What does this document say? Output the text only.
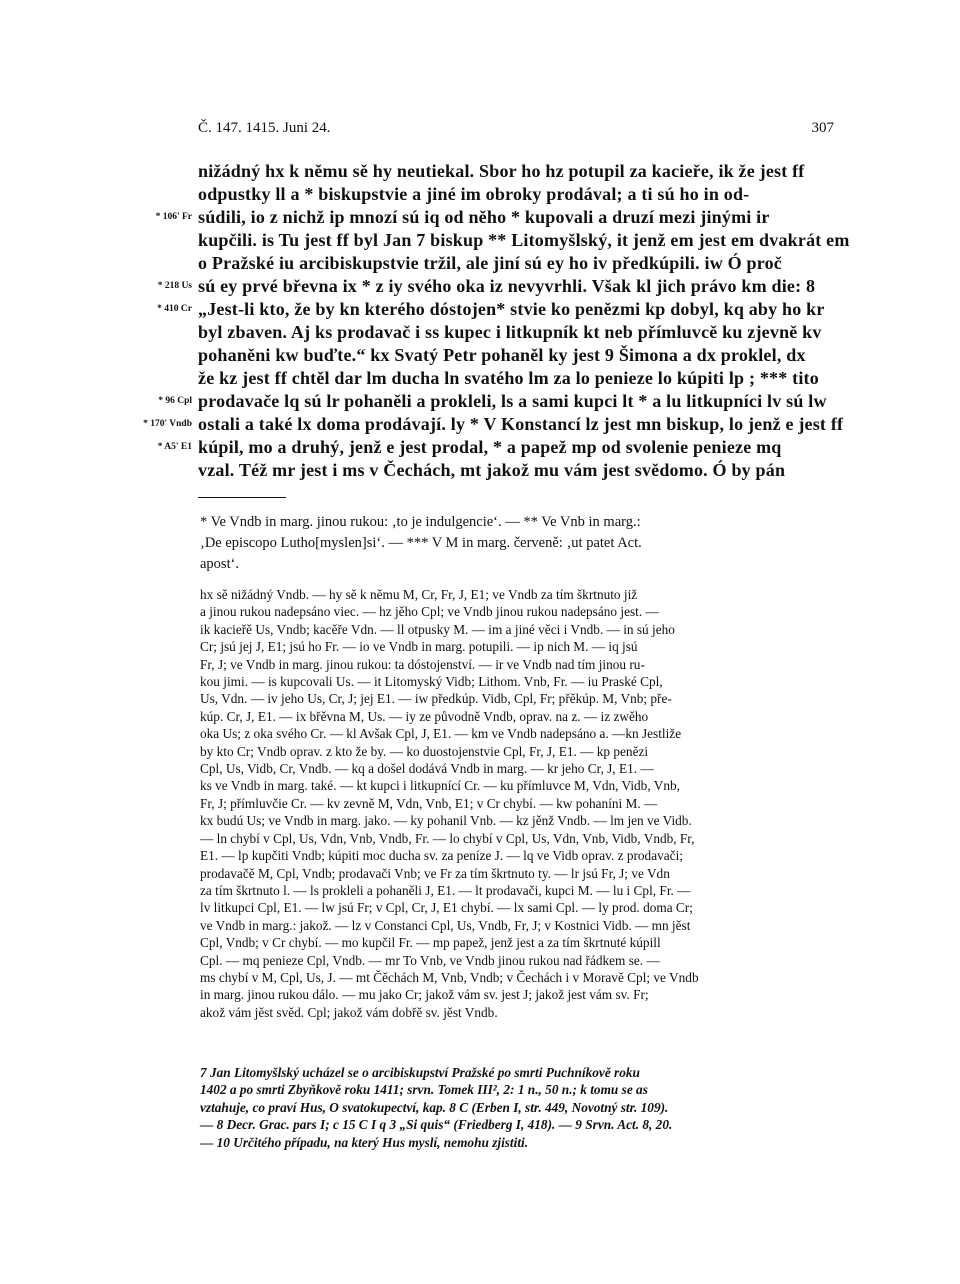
Č. 147. 1415. Juni 24.	307
* 106' Fr
* 218 Us
* 410 Cr
* 96 Cpl
* 170' Vndb
* A5' E1
nižádný hx k němu sě hy neutiekal. Sbor ho hz potupil za kacieře, ik že jest ff
odpustky ll a * biskupstvie a jiné im obroky prodával; a ti sú ho in od-
súdili, io z nichž ip mnozí sú iq od něho * kupovali a druzí mezi jinými ir
kupčili. is Tu jest ff byl Jan 7 biskup ** Litomyšlský, it jenž em jest em dvakrát em
o Pražské iu arcibiskupstvie tržil, ale jiní sú ey ho iv předkúpili. iw Ó proč
sú ey prvé břevna ix * z iy svého oka iz nevyvrhli. Však kl jich právo km die: 8
„Jest-li kto, že by kn kterého dóstojen* stvie ko penězmi kp dobyl, kq aby ho kr
byl zbaven. Aj ks prodavač i ss kupec i litkupník kt neb přímluvcě ku zjevně kv
pohaněni kw buďte.“ kx Svatý Petr pohaněl ky jest 9 Šimona a dx proklel, dx
že kz jest ff chtěl dar lm ducha ln svatého lm za lo penieze lo kúpiti lp ; *** tito
prodavače lq sú lr pohaněli a prokleli, ls a sami kupci lt * a lu litkupníci lv sú lw
ostali a také lx doma prodávají. ly * V Konstancí lz jest mn biskup, lo jenž e jest ff
kúpil, mo a druhý, jenž e jest prodal, * a papež mp od svolenie penieze mq
vzal. Též mr jest i ms v Čechách, mt jakož mu vám jest svědomo. Ó by pán
* Ve Vndb in marg. jinou rukou: ‚to je indulgencie‘. — ** Ve Vnb in marg.:
‚De episcopo Lutho[myslen]si‘. — *** V M in marg. červeně: ‚ut patet Act.
apost‘.
hx sě nižádný Vndb. — hy sě k němu M, Cr, Fr, J, E1; ve Vndb za tím škrtnuto již
a jinou rukou nadepsáno viec. — hz jěho Cpl; ve Vndb jinou rukou nadepsáno jest. —
ik kacieřě Us, Vndb; kacěře Vdn. — ll otpusky M. — im a jiné věci i Vndb. — in sú jeho
Cr; jsú jej J, E1; jsú ho Fr. — io ve Vndb in marg. potupili. — ip nich M. — iq jsú
Fr, J; ve Vndb in marg. jinou rukou: ta dóstojenství. — ir ve Vndb nad tím jinou ru-
kou jimi. — is kupcovali Us. — it Litomyský Vidb; Lithom. Vnb, Fr. — iu Praské Cpl,
Us, Vdn. — iv jeho Us, Cr, J; jej E1. — iw předkúp. Vidb, Cpl, Fr; přěkúp. M, Vnb; pře-
kúp. Cr, J, E1. — ix břěvna M, Us. — iy ze původně Vndb, oprav. na z. — iz zwěho
oka Us; z oka svého Cr. — kl Avšak Cpl, J, E1. — km ve Vndb nadepsáno a. —kn Jestliže
by kto Cr; Vndb oprav. z kto že by. — ko duostojenstvie Cpl, Fr, J, E1. — kp penězi
Cpl, Us, Vidb, Cr, Vndb. — kq a došel dodává Vndb in marg. — kr jeho Cr, J, E1. —
ks ve Vndb in marg. také. — kt kupci i litkupnící Cr. — ku přímluvce M, Vdn, Vidb, Vnb,
Fr, J; přímluvčie Cr. — kv zevně M, Vdn, Vnb, E1; v Cr chybí. — kw pohaníni M. —
kx budú Us; ve Vndb in marg. jako. — ky pohanil Vnb. — kz jěnž Vndb. — lm jen ve Vidb.
— ln chybí v Cpl, Us, Vdn, Vnb, Vndb, Fr. — lo chybí v Cpl, Us, Vdn, Vnb, Vidb, Vndb, Fr,
E1. — lp kupčiti Vndb; kúpiti moc ducha sv. za peníze J. — lq ve Vidb oprav. z prodavači;
prodavačě M, Cpl, Vndb; prodavači Vnb; ve Fr za tím škrtnuto ty. — lr jsú Fr, J; ve Vdn
za tím škrtnuto l. — ls prokleli a pohaněli J, E1. — lt prodavači, kupci M. — lu i Cpl, Fr. —
lv litkupci Cpl, E1. — lw jsú Fr; v Cpl, Cr, J, E1 chybí. — lx sami Cpl. — ly prod. doma Cr;
ve Vndb in marg.: jakož. — lz v Constanci Cpl, Us, Vndb, Fr, J; v Kostnici Vidb. — mn jěst
Cpl, Vndb; v Cr chybí. — mo kupčil Fr. — mp papež, jenž jest a za tím škrtnuté kúpill
Cpl. — mq penieze Cpl, Vndb. — mr To Vnb, ve Vndb jinou rukou nad řádkem se. —
ms chybí v M, Cpl, Us, J. — mt Čěchách M, Vnb, Vndb; v Čechách i v Moravě Cpl; ve Vndb
in marg. jinou rukou dálo. — mu jako Cr; jakož vám sv. jest J; jakož jest vám sv. Fr;
akož vám jěst svěd. Cpl; jakož vám dobřě sv. jěst Vndb.
7 Jan Litomyšlský ucházel se o arcibiskupství Pražské po smrti Puchníkově roku
1402 a po smrti Zbyňkově roku 1411; srvn. Tomek III², 2: 1 n., 50 n.; k tomu se as
vztahuje, co praví Hus, O svatokupectví, kap. 8 C (Erben I, str. 449, Novotný str. 109).
— 8 Decr. Grac. pars I; c 15 C I q 3 „Si quis“ (Friedberg I, 418). — 9 Srvn. Act. 8, 20.
— 10 Určitého případu, na který Hus myslí, nemohu zjistiti.
